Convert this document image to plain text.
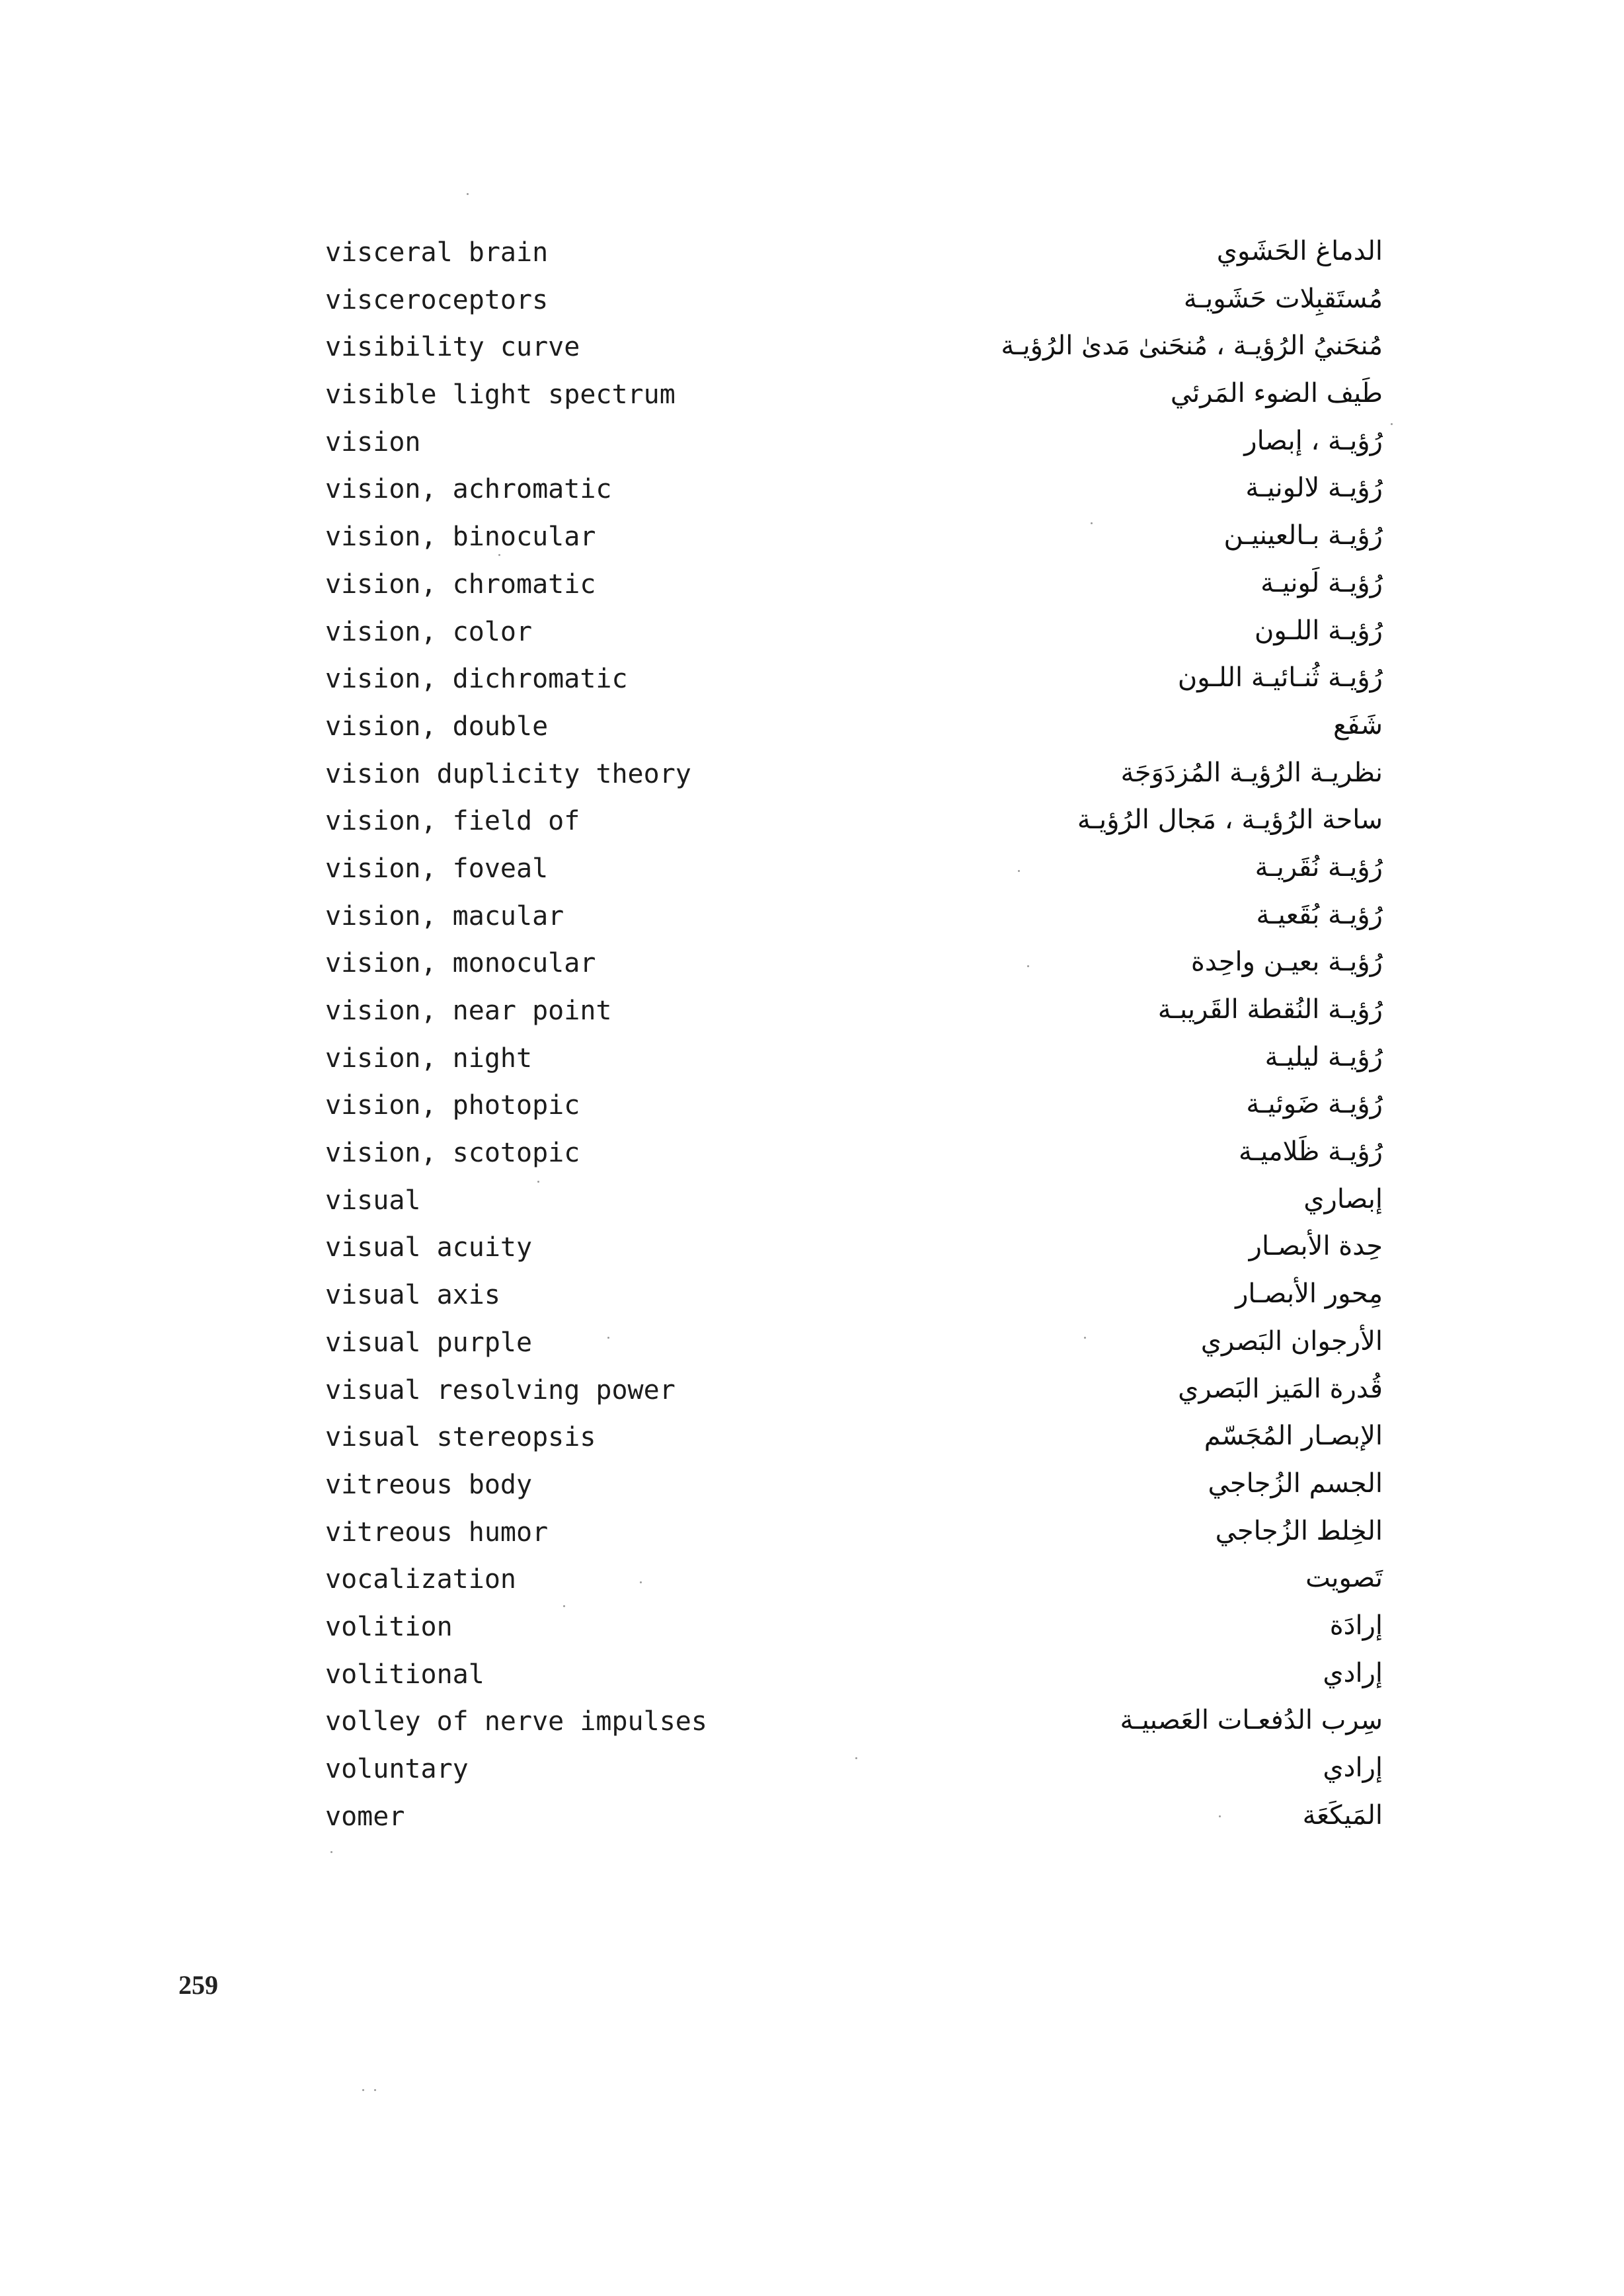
visceral brain	الدماغ الحَشَوي
visceroceptors	مُستَقبِلات حَشَويـة
visibility curve	مُنحَنيُ الرُؤيـة ، مُنحَنىٰ مَدىٰ الرُؤيـة
visible light spectrum	طَيف الضوء المَرئي
vision	رُؤيـة ، إبصار
vision, achromatic	رُؤيـة لالونيـة
vision, binocular	رُؤيـة بـالعينيـن
vision, chromatic	رُؤيـة لَونيـة
vision, color	رُؤيـة اللـون
vision, dichromatic	رُؤيـة ثُنـائيـة اللـون
vision, double	شَفَع
vision duplicity theory	نظريـة الرُؤيـة المُزدَوَجَة
vision, field of	ساحة الرُؤيـة ، مَجال الرُؤيـة
vision, foveal	رُؤيـة نُقَريـة
vision, macular	رُؤيـة بُقَعيـة
vision, monocular	رُؤيـة بعيـن واحِدة
vision, near point	رُؤيـة النُقطة القَريبـة
vision, night	رُؤيـة ليليـة
vision, photopic	رُؤيـة ضَوئيـة
vision, scotopic	رُؤيـة ظَلاميـة
visual	إبصاري
visual acuity	حِدة الأبصـار
visual axis	مِحور الأبصـار
visual purple	الأرجوان البَصري
visual resolving power	قُدرة المَيز البَصري
visual stereopsis	الإبصـار المُجَسّم
vitreous body	الجسم الزُجاجي
vitreous humor	الخِلط الزُجاجي
vocalization	تَصويت
volition	إرادَة
volitional	إرادي
volley of nerve impulses	سِرب الدُفعـات العَصبيـة
voluntary	إرادي
vomer	المَيكَعَة
259
